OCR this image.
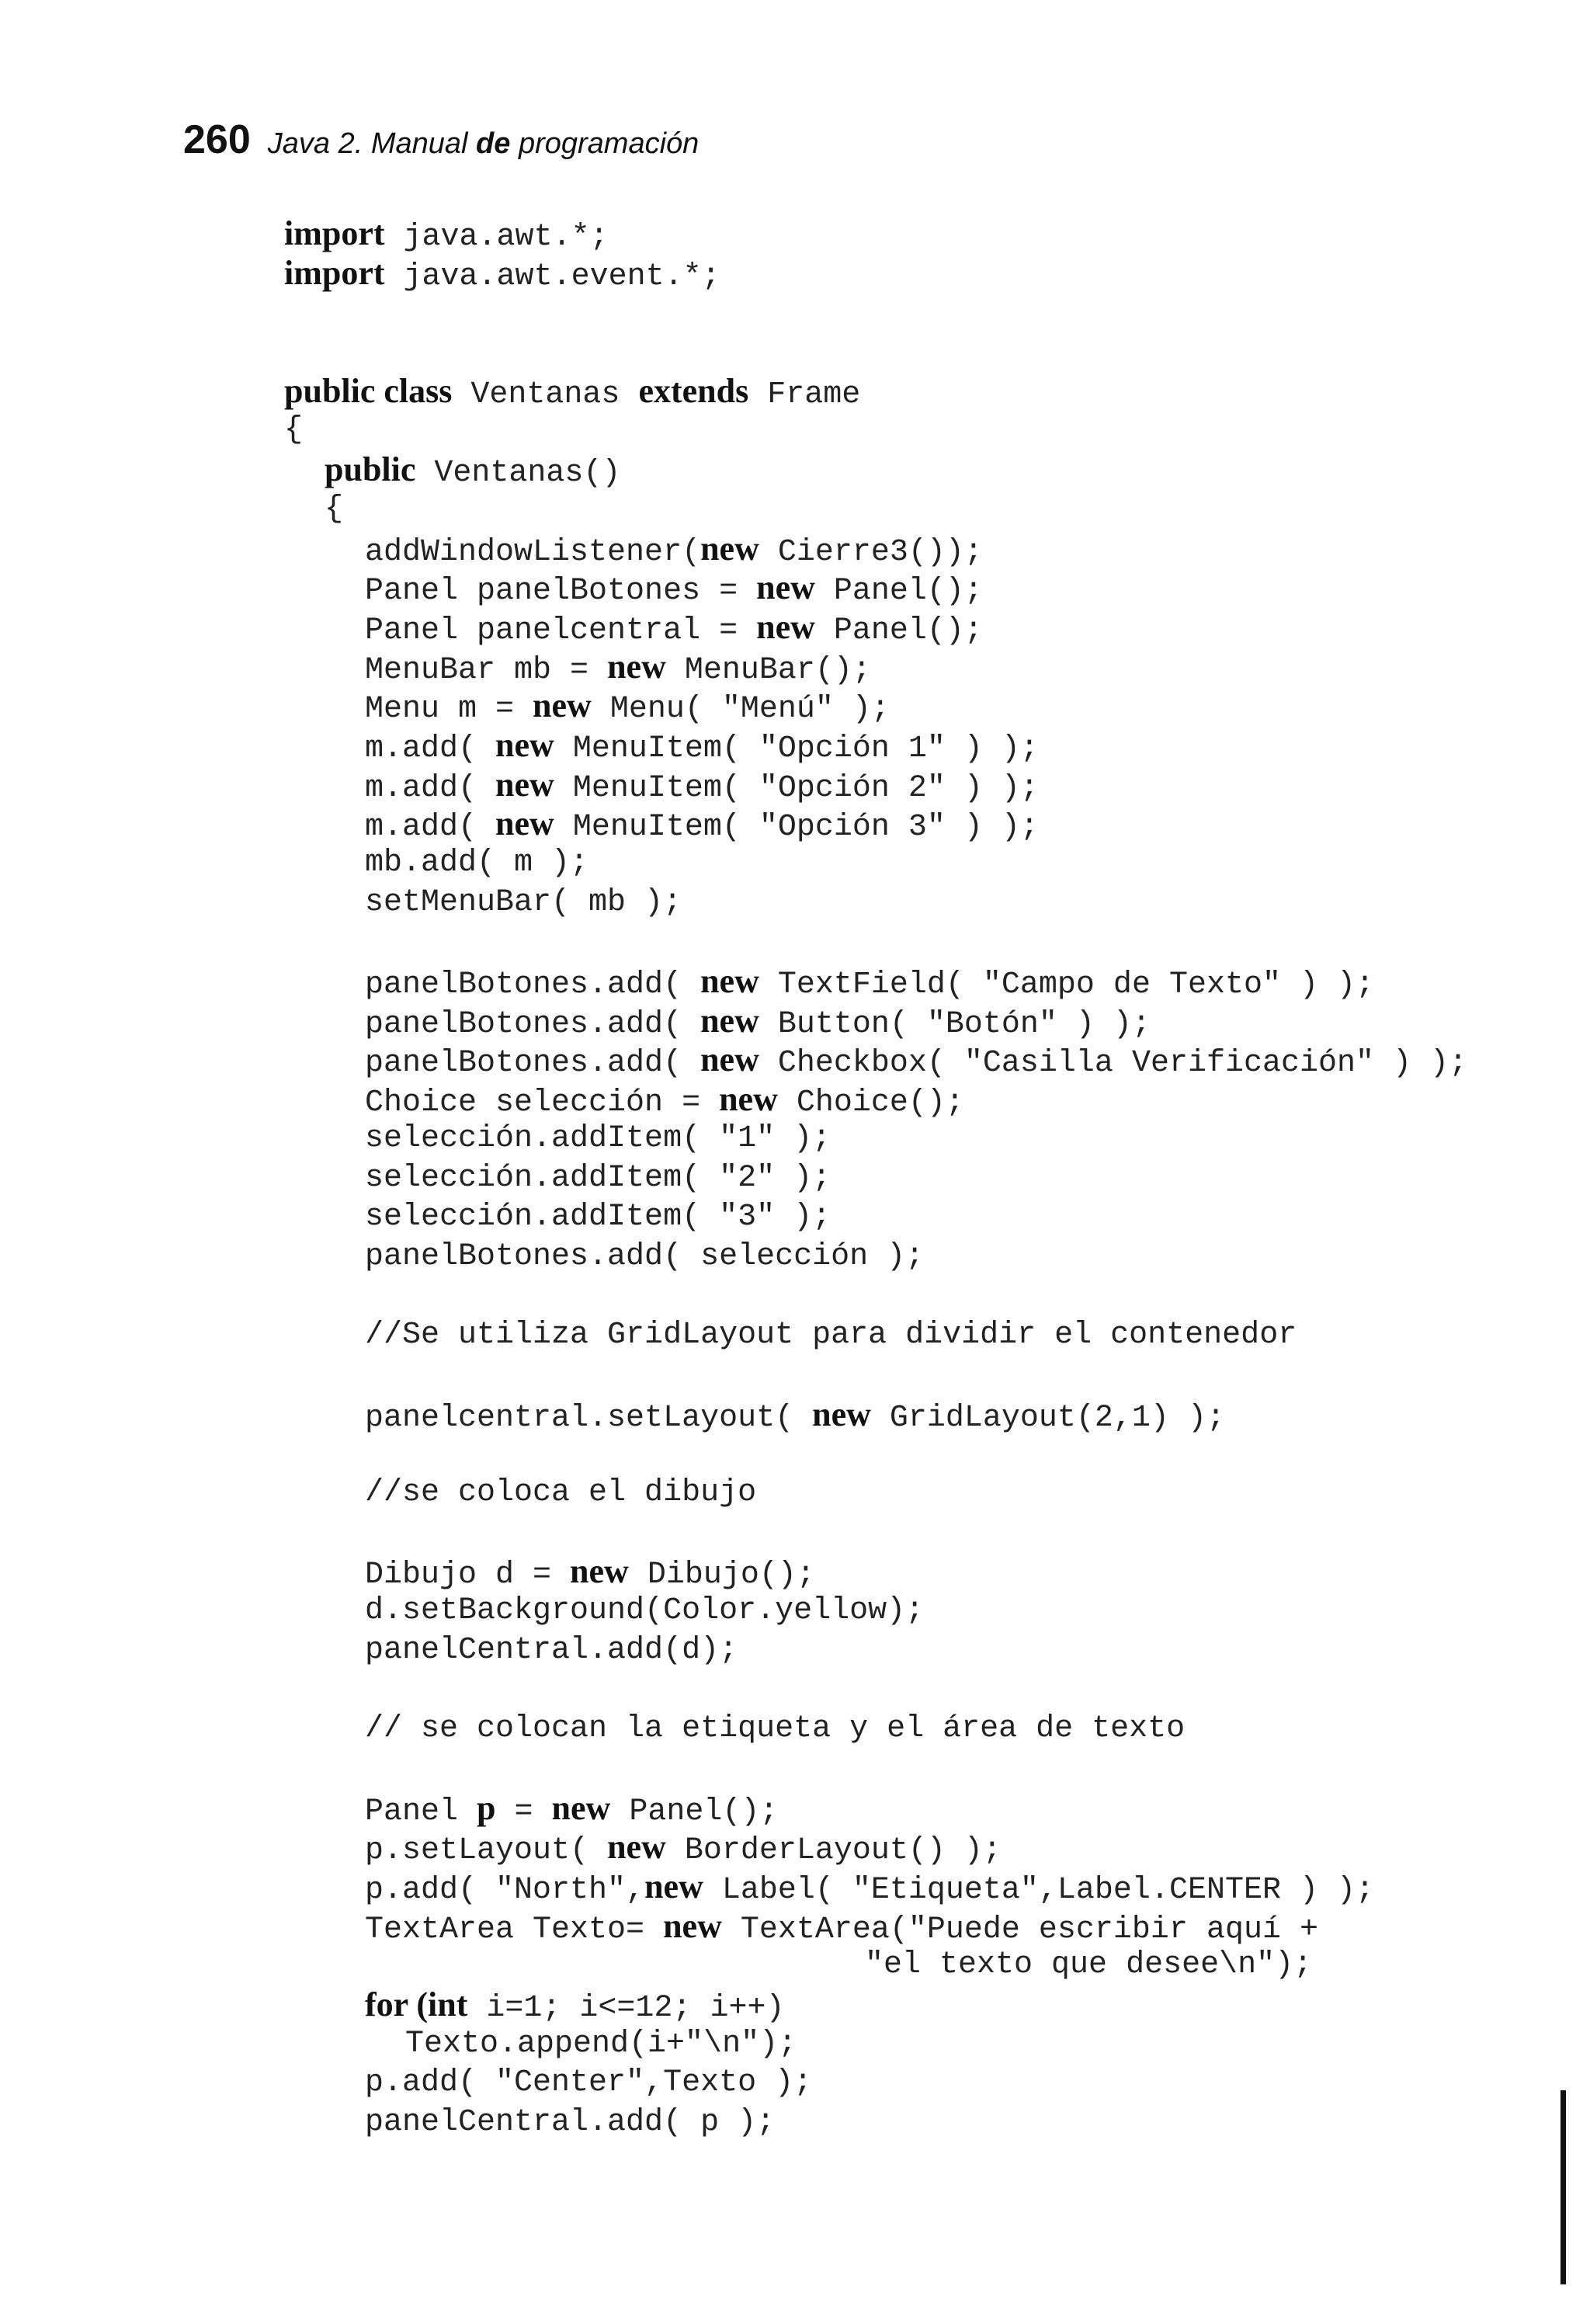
260 Java 2. Manual de programación
import java.awt.*;
import java.awt.event.*;
public class Ventanas extends Frame
{
public Ventanas()
{
addWindowListener(new Cierre3());
Panel panelBotones = new Panel();
Panel panelcentral = new Panel();
MenuBar mb = new MenuBar();
Menu m = new Menu( "Menú" );
m.add( new MenuItem( "Opción 1" ) );
m.add( new MenuItem( "Opción 2" ) );
m.add( new MenuItem( "Opción 3" ) );
mb.add( m );
setMenuBar( mb );
panelBotones.add( new TextField( "Campo de Texto" ) );
panelBotones.add( new Button( "Botón" ) );
panelBotones.add( new Checkbox( "Casilla Verificación" ) );
Choice selección = new Choice();
selección.addItem( "1" );
selección.addItem( "2" );
selección.addItem( "3" );
panelBotones.add( selección );
//Se utiliza GridLayout para dividir el contenedor
panelcentral.setLayout( new GridLayout(2,1) );
//se coloca el dibujo
Dibujo d = new Dibujo();
d.setBackground(Color.yellow);
panelCentral.add(d);
// se colocan la etiqueta y el área de texto
Panel p = new Panel();
p.setLayout( new BorderLayout() );
p.add( "North",new Label( "Etiqueta",Label.CENTER ) );
TextArea Texto= new TextArea("Puede escribir aquí +
"el texto que desee\n");
for (int i=1; i<=12; i++)
Texto.append(i+"\n");
p.add( "Center",Texto );
panelCentral.add( p );
